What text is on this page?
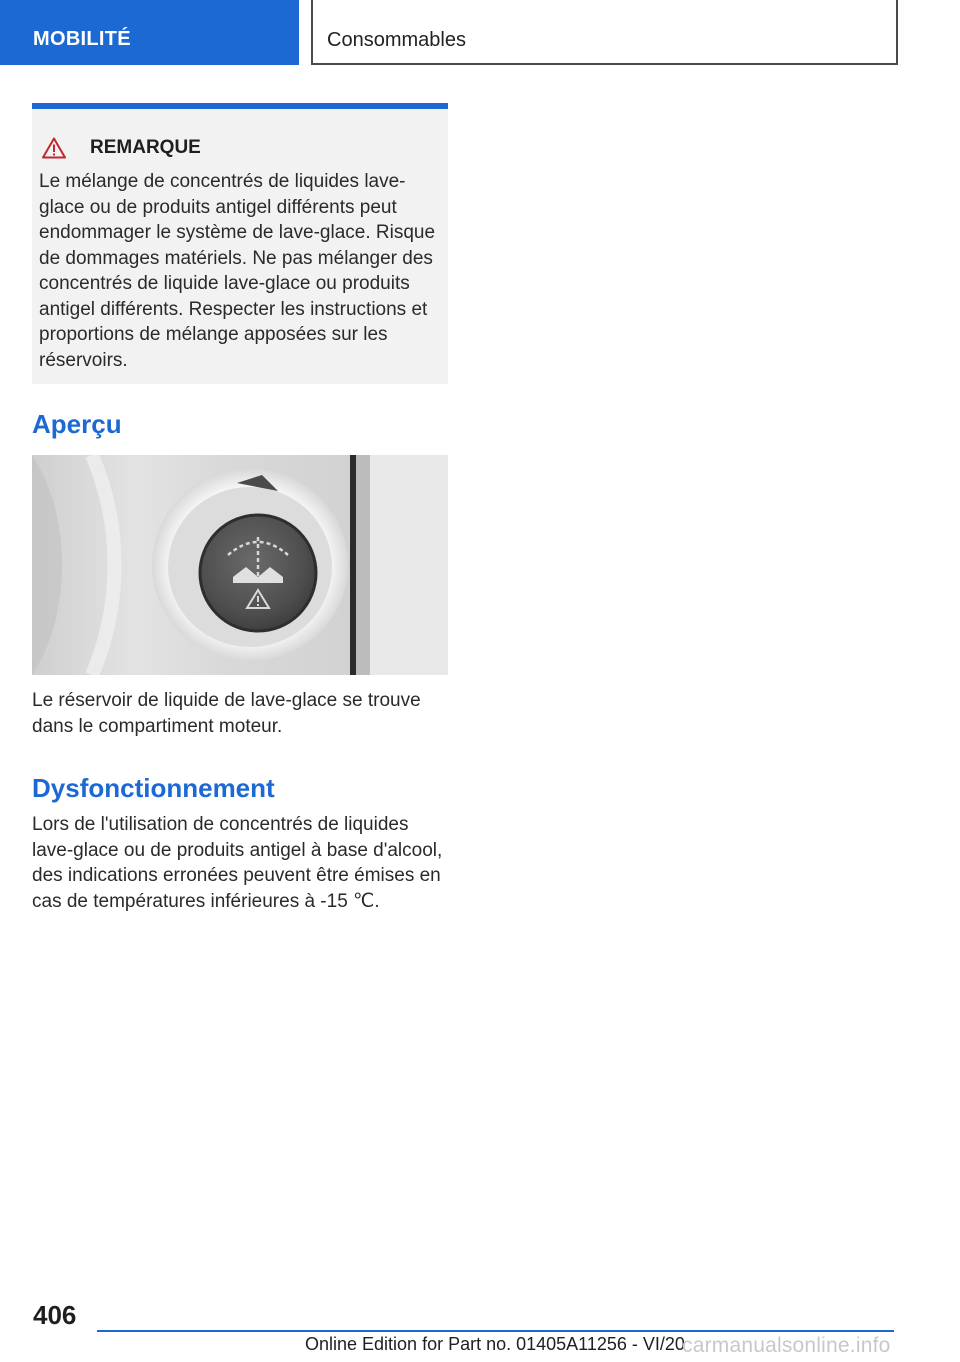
MOBILITÉ	Consommables
REMARQUE
Le mélange de concentrés de liquides lave-glace ou de produits antigel différents peut endommager le système de lave-glace. Risque de dommages matériels. Ne pas mélanger des concentrés de liquide lave-glace ou produits antigel différents. Respecter les instructions et proportions de mélange apposées sur les réservoirs.
Aperçu
Le réservoir de liquide de lave-glace se trouve dans le compartiment moteur.
Dysfonctionnement
Lors de l'utilisation de concentrés de liquides lave-glace ou de produits antigel à base d'alcool, des indications erronées peuvent être émises en cas de températures inférieures à -15 ℃.
406
Online Edition for Part no. 01405A11256 - VI/20
carmanualsonline.info
